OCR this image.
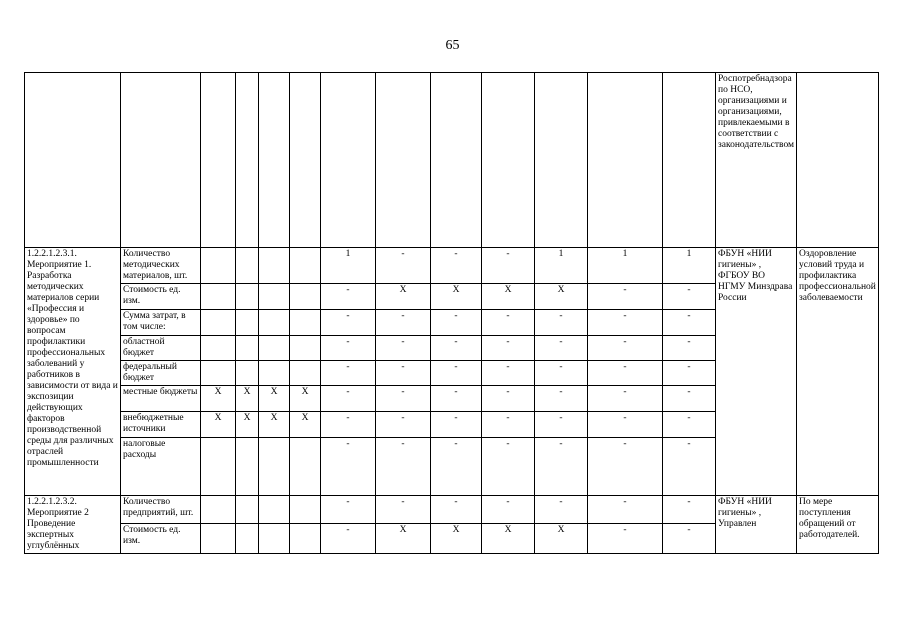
65
													Роспотребнадзора по НСО, организациями и организациями, привлекаемыми в соответствии с законодательством	
1.2.2.1.2.3.1. Мероприятие 1. Разработка методических материалов серии «Профессия и здоровье» по вопросам профилактики профессиональных заболеваний у работников в зависимости от вида и экспозиции действующих факторов производственной среды для различных отраслей промышленности	Количество методических материалов, шт.					1	-	-	-	1	1	1	ФБУН «НИИ гигиены» , ФГБОУ ВО НГМУ Минздрава России	Оздоровление условий труда и профилактика профессиональной заболеваемости
	Стоимость ед. изм.					-	X	X	X	X	-	-		
	Сумма затрат, в том числе:					-	-	-	-	-	-	-		
	областной бюджет					-	-	-	-	-	-	-		
	федеральный бюджет					-	-	-	-	-	-	-		
	местные бюджеты	X	X	X	X	-	-	-	-	-	-	-		
	внебюджетные источники	X	X	X	X	-	-	-	-	-	-	-		
	налоговые расходы					-	-	-	-	-	-	-		
1.2.2.1.2.3.2. Мероприятие 2 Проведение экспертных углублённых	Количество предприятий, шт.					-	-	-	-	-	-	-	ФБУН «НИИ гигиены» , Управлен	По мере поступления обращений от работодателей.
	Стоимость ед. изм.					-	X	X	X	X	-	-		
